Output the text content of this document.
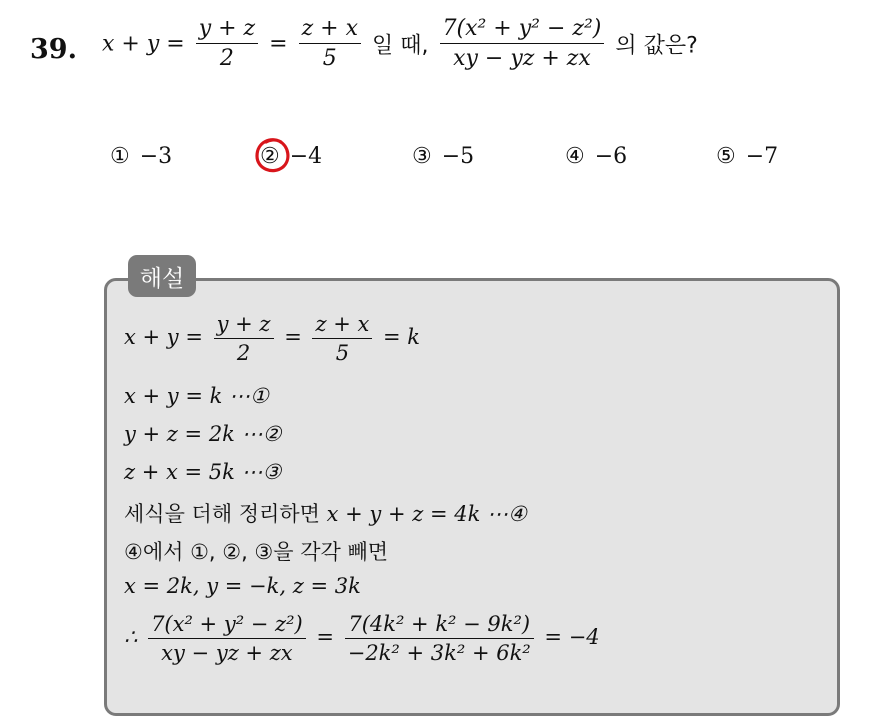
39. $x + y = \frac{y + z}{2} = \frac{z + x}{5}$ 일 때, $\frac{\text{7(x² + y² − z²)}}{xy - yz + zx}$ 의 값은?
① −3	② −4	③ −5	④ −6	⑤ −7
해설
$x + y = \frac{y + z}{2} = \frac{z + x}{5} = k$
x + y = k ⋯①
y + z = 2k ⋯②
z + x = 5k ⋯③
세식을 더해 정리하면 x + y + z = 4k ⋯④
④에서 ①, ②, ③을 각각 빼면
x = 2k, y = −k, z = 3k
∴ $\frac{\text{7(x² + y² − z²)}}{xy - yz + zx} = \frac{\text{7(4k² + k² − 9k²)}}{\text{−2k² + 3k² + 6k²}} = -4$
